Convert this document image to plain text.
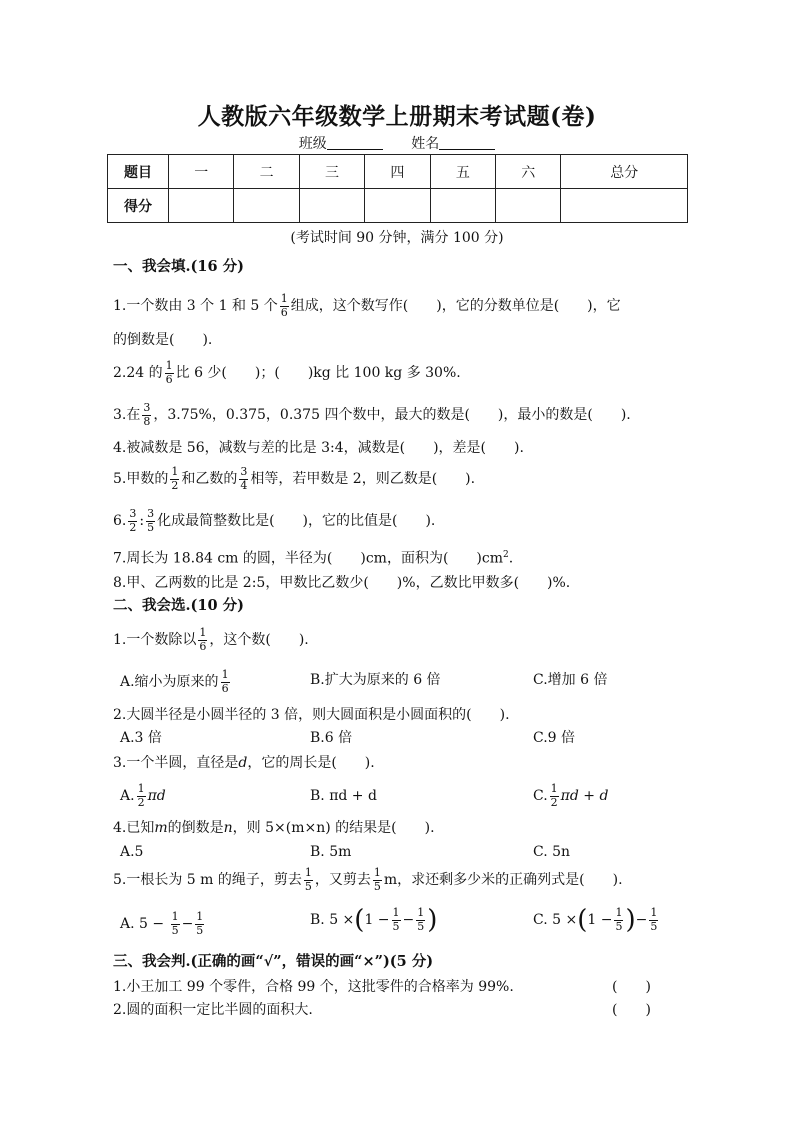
人教版六年级数学上册期末考试题(卷)
班级	姓名
题目	一	二	三	四	五	六	总分
得分							
(考试时间 90 分钟，满分 100 分)
一、我会填.(16 分)
1.一个数由 3 个 1 和 5 个 $\frac{1}{6}$ 组成，这个数写作(　　)，它的分数单位是(　　)，它
的倒数是(　　).
2.24 的 $\frac{1}{6}$ 比 6 少(　　)；(　　)kg 比 100 kg 多 30%.
3.在 $\frac{3}{8}$ ，3.75%，0.375，0.375 四个数中，最大的数是(　　)，最小的数是(　　).
4.被减数是 56，减数与差的比是 3:4，减数是(　　)，差是(　　).
5.甲数的 $\frac{1}{2}$ 和乙数的 $\frac{3}{4}$ 相等，若甲数是 2，则乙数是(　　).
6. $\frac{3}{2}$ : $\frac{3}{5}$ 化成最简整数比是(　　)，它的比值是(　　).
7.周长为 18.84 cm 的圆，半径为(　　)cm，面积为(　　)$cm^2$.
8.甲、乙两数的比是 2:5，甲数比乙数少(　　)%，乙数比甲数多(　　)%.
二、我会选.(10 分)
1.一个数除以 $\frac{1}{6}$ ，这个数(　　).
A.缩小为原来的 $\frac{1}{6}$	B.扩大为原来的 6 倍	C.增加 6 倍
2.大圆半径是小圆半径的 3 倍，则大圆面积是小圆面积的(　　).
A.3 倍	B.6 倍	C.9 倍
3.一个半圆，直径是d，它的周长是(　　).
A. $\frac{1}{2}$ πd	B. πd + d	C. $\frac{1}{2}$ πd + d
4.已知m的倒数是n，则 5×(m×n) 的结果是(　　).
A.5	B. 5m	C. 5n
5.一根长为 5 m 的绳子，剪去 $\frac{1}{5}$ ，又剪去 $\frac{1}{5}$ m，求还剩多少米的正确列式是(　　).
A. $5 - \frac{1}{5} - \frac{1}{5}$	B. $5 \times(1 - \frac{1}{5} - \frac{1}{5}$ )	C. $5 \times(1 - \frac{1}{5}$ )− $\frac{1}{5}$
三、我会判.(正确的画“√”，错误的画“×”)(5 分)
1.小王加工 99 个零件，合格 99 个，这批零件的合格率为 99%.	(　　)
2.圆的面积一定比半圆的面积大.	(　　)
